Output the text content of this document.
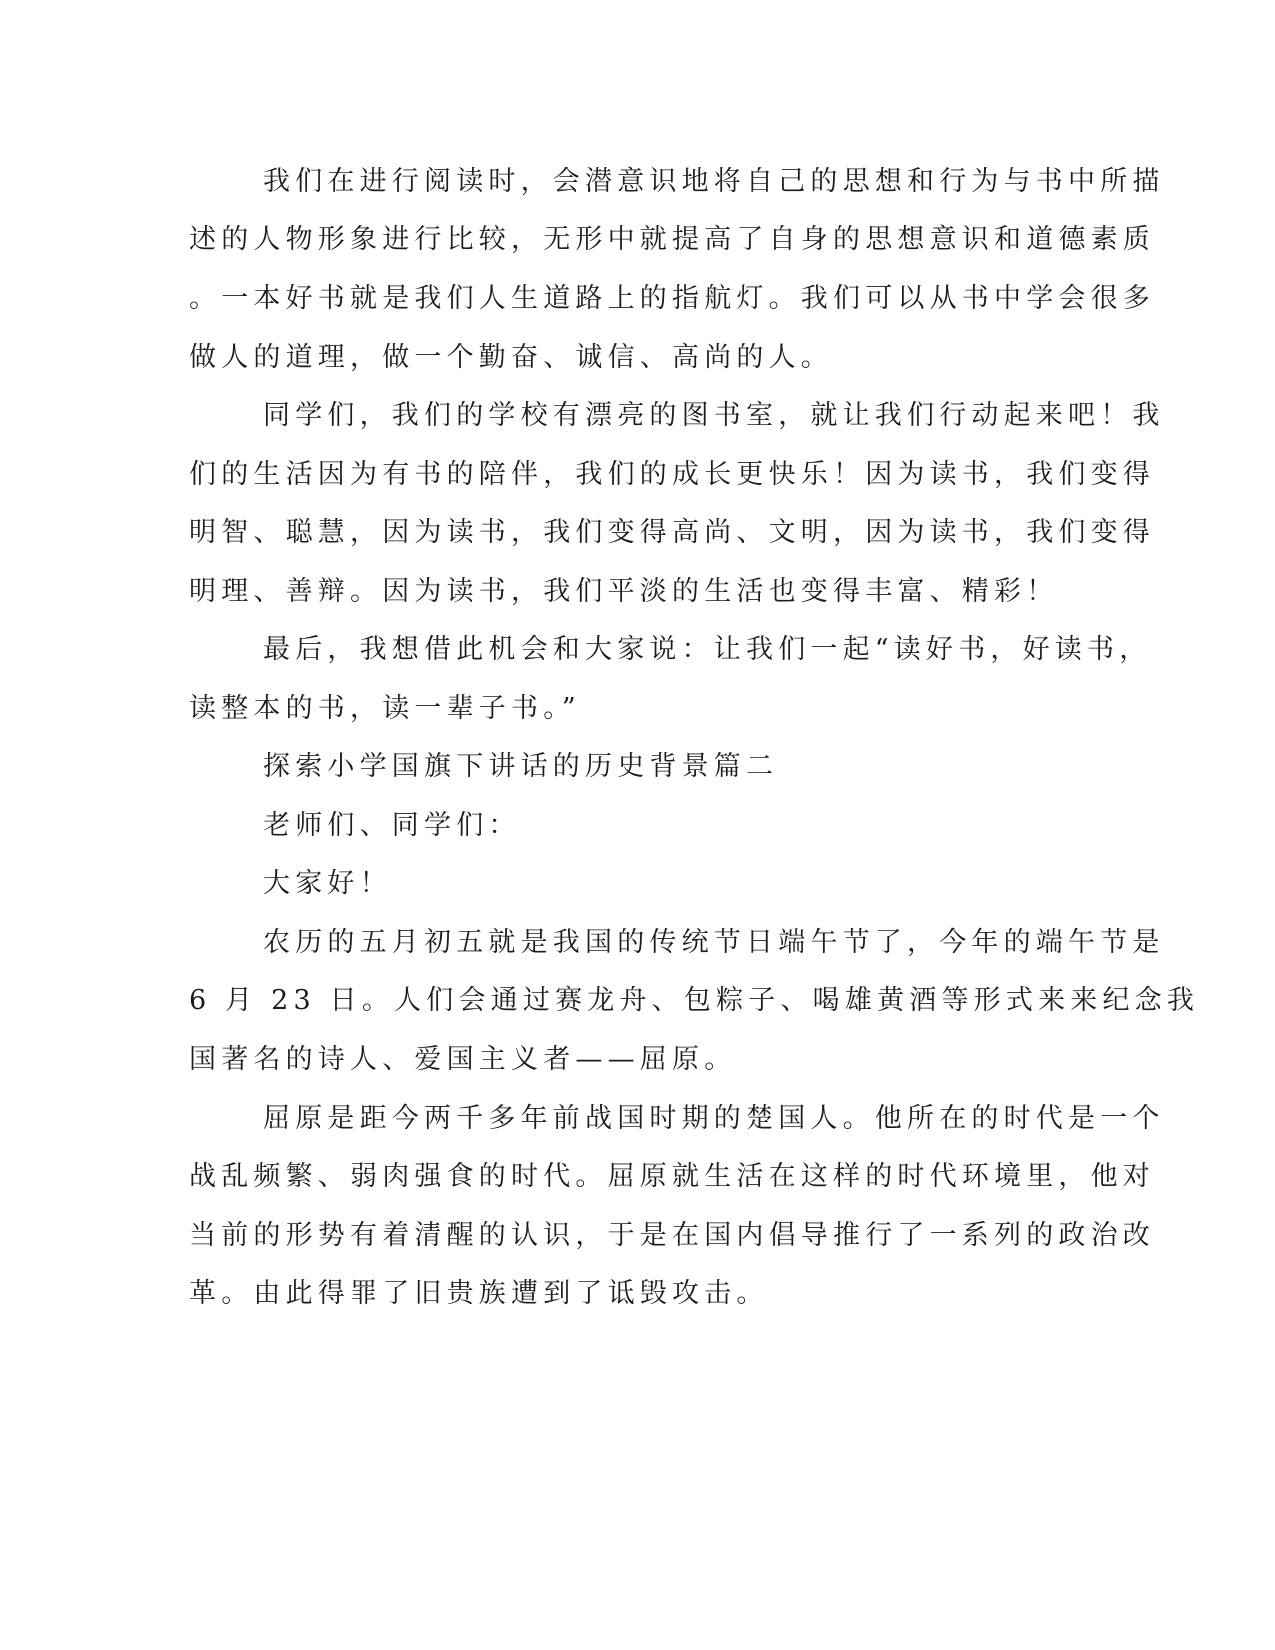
我们在进行阅读时，会潜意识地将自己的思想和行为与书中所描
述的人物形象进行比较，无形中就提高了自身的思想意识和道德素质
。一本好书就是我们人生道路上的指航灯。我们可以从书中学会很多
做人的道理，做一个勤奋、诚信、高尚的人。
同学们，我们的学校有漂亮的图书室，就让我们行动起来吧！我
们的生活因为有书的陪伴，我们的成长更快乐！因为读书，我们变得
明智、聪慧，因为读书，我们变得高尚、文明，因为读书，我们变得
明理、善辩。因为读书，我们平淡的生活也变得丰富、精彩！
最后，我想借此机会和大家说：让我们一起“读好书，好读书，
读整本的书，读一辈子书。”
探索小学国旗下讲话的历史背景篇二
老师们、同学们：
大家好！
农历的五月初五就是我国的传统节日端午节了，今年的端午节是
6 月 23 日。人们会通过赛龙舟、包粽子、喝雄黄酒等形式来来纪念我
国著名的诗人、爱国主义者——屈原。
屈原是距今两千多年前战国时期的楚国人。他所在的时代是一个
战乱频繁、弱肉强食的时代。屈原就生活在这样的时代环境里，他对
当前的形势有着清醒的认识，于是在国内倡导推行了一系列的政治改
革。由此得罪了旧贵族遭到了诋毁攻击。
